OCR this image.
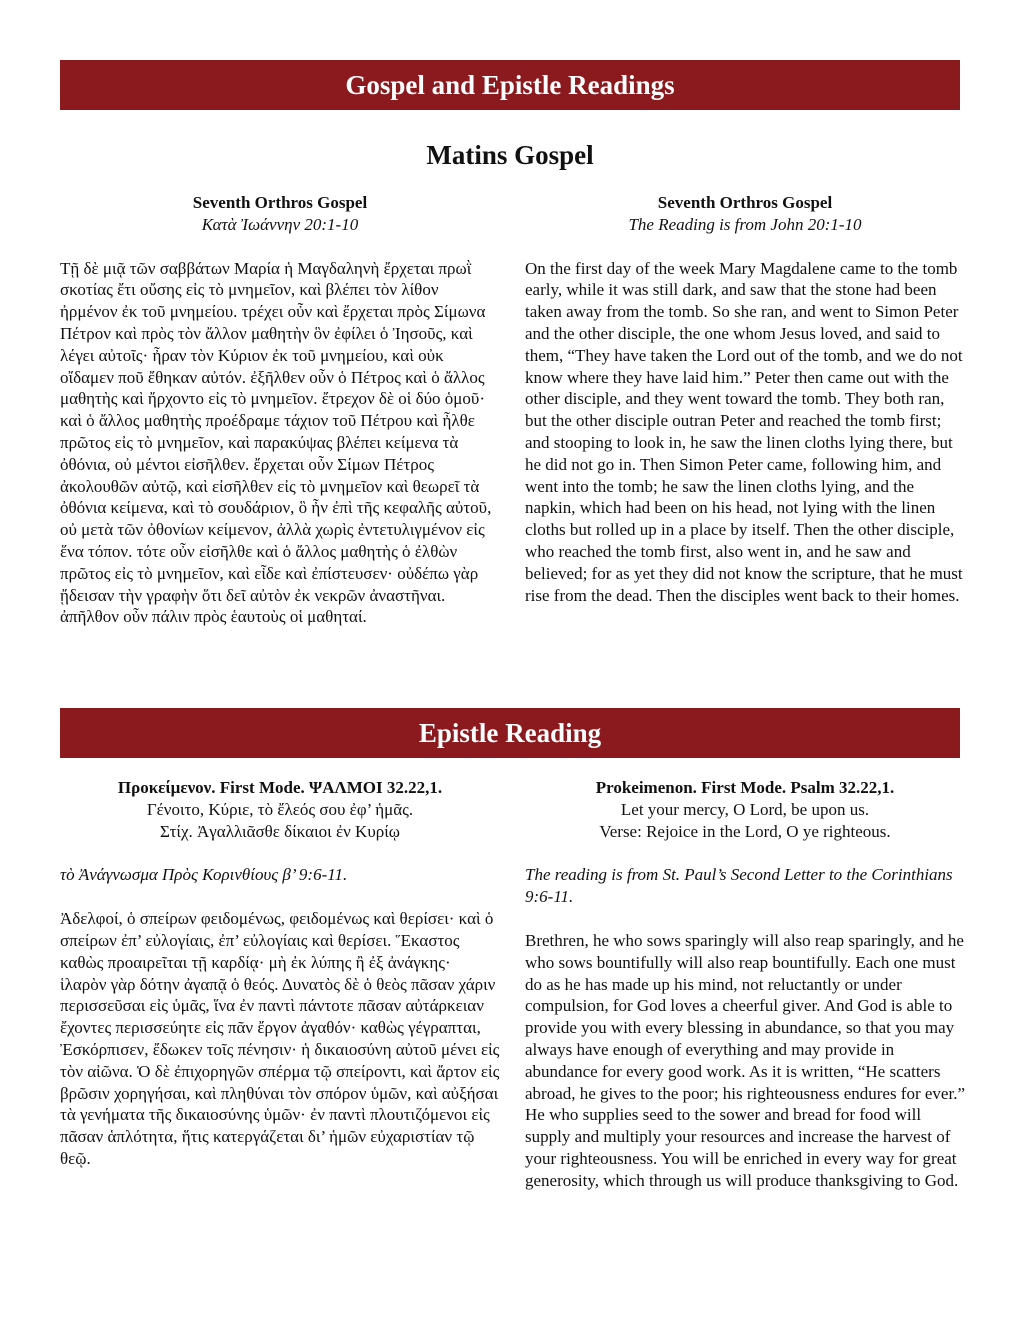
Gospel and Epistle Readings
Matins Gospel
Seventh Orthros Gospel
Κατὰ Ἰωάννην 20:1-10

Τῇ δὲ μιᾷ τῶν σαββάτων Μαρία ἡ Μαγδαληνὴ ἔρχεται πρωῒ σκοτίας ἔτι οὔσης εἰς τὸ μνημεῖον, καὶ βλέπει τὸν λίθον ἠρμένον ἐκ τοῦ μνημείου. τρέχει οὖν καὶ ἔρχεται πρὸς Σίμωνα Πέτρον καὶ πρὸς τὸν ἄλλον μαθητὴν ὃν ἐφίλει ὁ Ἰησοῦς, καὶ λέγει αὐτοῖς· ἦραν τὸν Κύριον ἐκ τοῦ μνημείου, καὶ οὐκ οἴδαμεν ποῦ ἔθηκαν αὐτόν. ἐξῆλθεν οὖν ὁ Πέτρος καὶ ὁ ἄλλος μαθητὴς καὶ ἤρχοντο εἰς τὸ μνημεῖον. ἔτρεχον δὲ οἱ δύο ὁμοῦ· καὶ ὁ ἄλλος μαθητὴς προέδραμε τάχιον τοῦ Πέτρου καὶ ἦλθε πρῶτος εἰς τὸ μνημεῖον, καὶ παρακύψας βλέπει κείμενα τὰ ὀθόνια, οὐ μέντοι εἰσῆλθεν. ἔρχεται οὖν Σίμων Πέτρος ἀκολουθῶν αὐτῷ, καὶ εἰσῆλθεν εἰς τὸ μνημεῖον καὶ θεωρεῖ τὰ ὀθόνια κείμενα, καὶ τὸ σουδάριον, ὃ ἦν ἐπὶ τῆς κεφαλῆς αὐτοῦ, οὐ μετὰ τῶν ὀθονίων κείμενον, ἀλλὰ χωρὶς ἐντετυλιγμένον εἰς ἕνα τόπον. τότε οὖν εἰσῆλθε καὶ ὁ ἄλλος μαθητὴς ὁ ἐλθὼν πρῶτος εἰς τὸ μνημεῖον, καὶ εἶδε καὶ ἐπίστευσεν· οὐδέπω γὰρ ᾔδεισαν τὴν γραφὴν ὅτι δεῖ αὐτὸν ἐκ νεκρῶν ἀναστῆναι. ἀπῆλθον οὖν πάλιν πρὸς ἑαυτοὺς οἱ μαθηταί.

Seventh Orthros Gospel
The Reading is from John 20:1-10

On the first day of the week Mary Magdalene came to the tomb early, while it was still dark, and saw that the stone had been taken away from the tomb. So she ran, and went to Simon Peter and the other disciple, the one whom Jesus loved, and said to them, “They have taken the Lord out of the tomb, and we do not know where they have laid him.” Peter then came out with the other disciple, and they went toward the tomb. They both ran, but the other disciple outran Peter and reached the tomb first; and stooping to look in, he saw the linen cloths lying there, but he did not go in. Then Simon Peter came, following him, and went into the tomb; he saw the linen cloths lying, and the napkin, which had been on his head, not lying with the linen cloths but rolled up in a place by itself. Then the other disciple, who reached the tomb first, also went in, and he saw and believed; for as yet they did not know the scripture, that he must rise from the dead. Then the disciples went back to their homes.

Epistle Reading
Προκείμενον. First Mode. ΨΑΛΜΟΙ 32.22,1.
Γένοιτο, Κύριε, τὸ ἔλεός σου ἐφ’ ἡμᾶς.
Στίχ. Ἀγαλλιᾶσθε δίκαιοι ἐν Κυρίῳ

τὸ Ἀνάγνωσμα Πρὸς Κορινθίους β’ 9:6-11.

Ἀδελφοί, ὁ σπείρων φειδομένως, φειδομένως καὶ θερίσει· καὶ ὁ σπείρων ἐπ’ εὐλογίαις, ἐπ’ εὐλογίαις καὶ θερίσει. Ἕκαστος καθὼς προαιρεῖται τῇ καρδίᾳ· μὴ ἐκ λύπης ἢ ἐξ ἀνάγκης· ἱλαρὸν γὰρ δότην ἀγαπᾷ ὁ θεός. Δυνατὸς δὲ ὁ θεὸς πᾶσαν χάριν περισσεῦσαι εἰς ὑμᾶς, ἵνα ἐν παντὶ πάντοτε πᾶσαν αὐτάρκειαν ἔχοντες περισσεύητε εἰς πᾶν ἔργον ἀγαθόν· καθὼς γέγραπται, Ἐσκόρπισεν, ἔδωκεν τοῖς πένησιν· ἡ δικαιοσύνη αὐτοῦ μένει εἰς τὸν αἰῶνα. Ὁ δὲ ἐπιχορηγῶν σπέρμα τῷ σπείροντι, καὶ ἄρτον εἰς βρῶσιν χορηγήσαι, καὶ πληθύναι τὸν σπόρον ὑμῶν, καὶ αὐξήσαι τὰ γενήματα τῆς δικαιοσύνης ὑμῶν· ἐν παντὶ πλουτιζόμενοι εἰς πᾶσαν ἁπλότητα, ἥτις κατεργάζεται δι’ ἡμῶν εὐχαριστίαν τῷ θεῷ.

Prokeimenon. First Mode. Psalm 32.22,1.
Let your mercy, O Lord, be upon us.
Verse: Rejoice in the Lord, O ye righteous.

The reading is from St. Paul’s Second Letter to the Corinthians 9:6-11.

Brethren, he who sows sparingly will also reap sparingly, and he who sows bountifully will also reap bountifully. Each one must do as he has made up his mind, not reluctantly or under compulsion, for God loves a cheerful giver. And God is able to provide you with every blessing in abundance, so that you may always have enough of everything and may provide in abundance for every good work. As it is written, “He scatters abroad, he gives to the poor; his righteousness endures for ever.” He who supplies seed to the sower and bread for food will supply and multiply your resources and increase the harvest of your righteousness. You will be enriched in every way for great generosity, which through us will produce thanksgiving to God.
